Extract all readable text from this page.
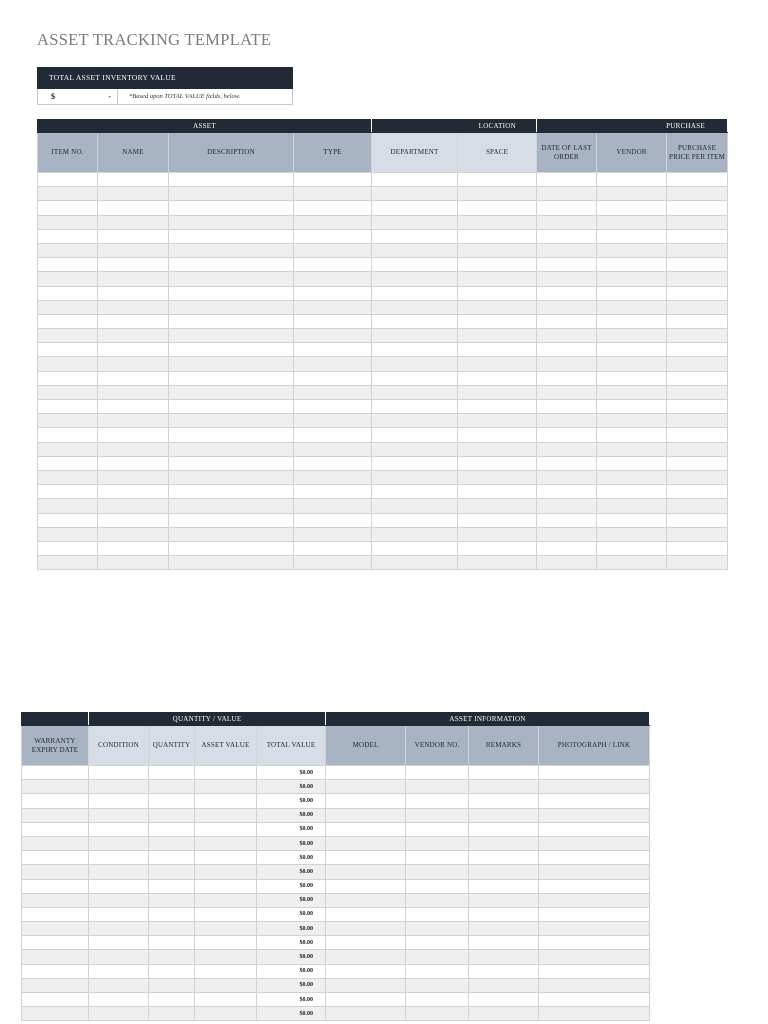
ASSET TRACKING TEMPLATE
TOTAL ASSET INVENTORY VALUE
$	-	*Based upon TOTAL VALUE fields, below.
ASSET				LOCATION		PURCHASE		
ITEM NO.	NAME	DESCRIPTION	TYPE	DEPARTMENT	SPACE	DATE OF LAST ORDER	VENDOR	PURCHASE PRICE PER ITEM

	QUANTITY / VALUE				ASSET INFORMATION			
WARRANTY EXPIRY DATE	CONDITION	QUANTITY	ASSET VALUE	TOTAL VALUE	MODEL	VENDOR NO.	REMARKS	PHOTOGRAPH / LINK
				$0.00				
				$0.00				
				$0.00				
				$0.00				
				$0.00				
				$0.00				
				$0.00				
				$0.00				
				$0.00				
				$0.00				
				$0.00				
				$0.00				
				$0.00				
				$0.00				
				$0.00				
				$0.00				
				$0.00				
				$0.00				
